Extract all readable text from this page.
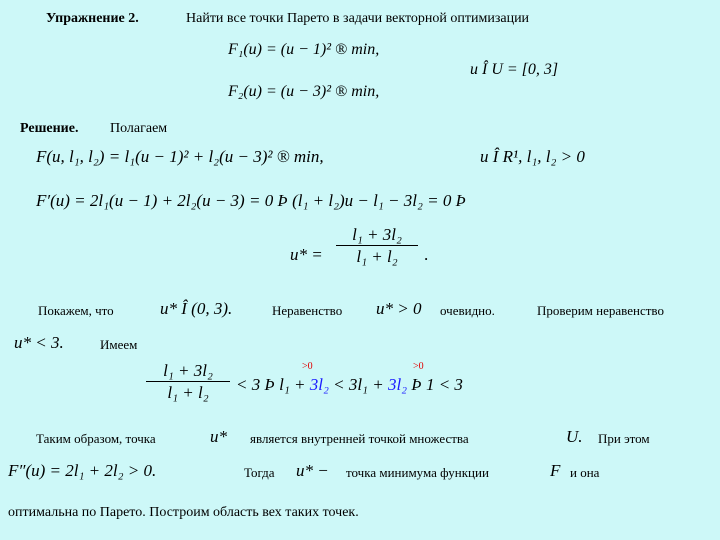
Упражнение 2.	Найти все точки Парето в задачи векторной оптимизации
F₁(u) = (u − 1)² ® min,
F₂(u) = (u − 3)² ® min,
u Î U = [0, 3]
Решение. Полагаем
F(u, l₁, l₂) = l₁(u − 1)² + l₂(u − 3)² ® min,	u Î R¹, l₁, l₂ > 0
F′(u) = 2l₁(u − 1) + 2l₂(u − 3) = 0 Þ (l₁ + l₂)u − l₁ − 3l₂ = 0 Þ
u* =
l₁ + 3l₂
l₁ + l₂	.
Покажем, что	u* Î (0, 3).	Неравенство u* > 0 очевидно.	Проверим неравенство
u* < 3.	Имеем
>0	>0
l₁ + 3l₂
l₁ + l₂	< 3 Þ l₁ + 3l₂ < 3l₁ + 3l₂ Þ 1 < 3
Таким образом, точка	u* является внутренней точкой множества	U. При этом
F″(u) = 2l₁ + 2l₂ > 0.	Тогда u* − точка минимума функции	F и она
оптимальна по Парето. Построим область вех таких точек.
